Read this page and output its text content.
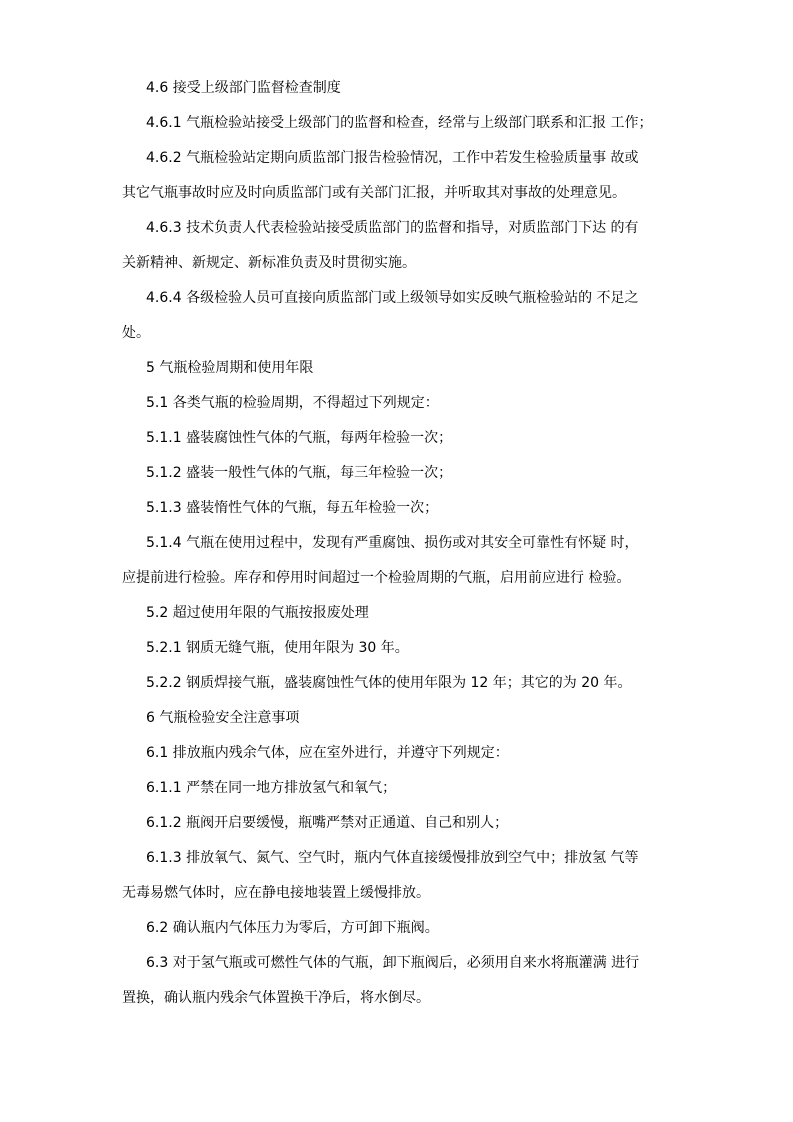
4.6 接受上级部门监督检查制度
4.6.1 气瓶检验站接受上级部门的监督和检查，经常与上级部门联系和汇报 工作；
4.6.2 气瓶检验站定期向质监部门报告检验情况，工作中若发生检验质量事 故或
其它气瓶事故时应及时向质监部门或有关部门汇报，并听取其对事故的处理意见。
4.6.3 技术负责人代表检验站接受质监部门的监督和指导，对质监部门下达 的有
关新精神、新规定、新标准负责及时贯彻实施。
4.6.4 各级检验人员可直接向质监部门或上级领导如实反映气瓶检验站的 不足之
处。
5 气瓶检验周期和使用年限
5.1 各类气瓶的检验周期，不得超过下列规定：
5.1.1 盛装腐蚀性气体的气瓶，每两年检验一次；
5.1.2 盛装一般性气体的气瓶，每三年检验一次；
5.1.3 盛装惰性气体的气瓶，每五年检验一次；
5.1.4 气瓶在使用过程中，发现有严重腐蚀、损伤或对其安全可靠性有怀疑 时，
应提前进行检验。库存和停用时间超过一个检验周期的气瓶，启用前应进行 检验。
5.2 超过使用年限的气瓶按报废处理
5.2.1 钢质无缝气瓶，使用年限为 30 年。
5.2.2 钢质焊接气瓶，盛装腐蚀性气体的使用年限为 12 年；其它的为 20 年。
6 气瓶检验安全注意事项
6.1 排放瓶内残余气体，应在室外进行，并遵守下列规定：
6.1.1 严禁在同一地方排放氢气和氧气；
6.1.2 瓶阀开启要缓慢，瓶嘴严禁对正通道、自己和别人；
6.1.3 排放氧气、氮气、空气时，瓶内气体直接缓慢排放到空气中；排放氢 气等
无毒易燃气体时，应在静电接地装置上缓慢排放。
6.2 确认瓶内气体压力为零后，方可卸下瓶阀。
6.3 对于氢气瓶或可燃性气体的气瓶，卸下瓶阀后，必须用自来水将瓶灌满 进行
置换，确认瓶内残余气体置换干净后，将水倒尽。
